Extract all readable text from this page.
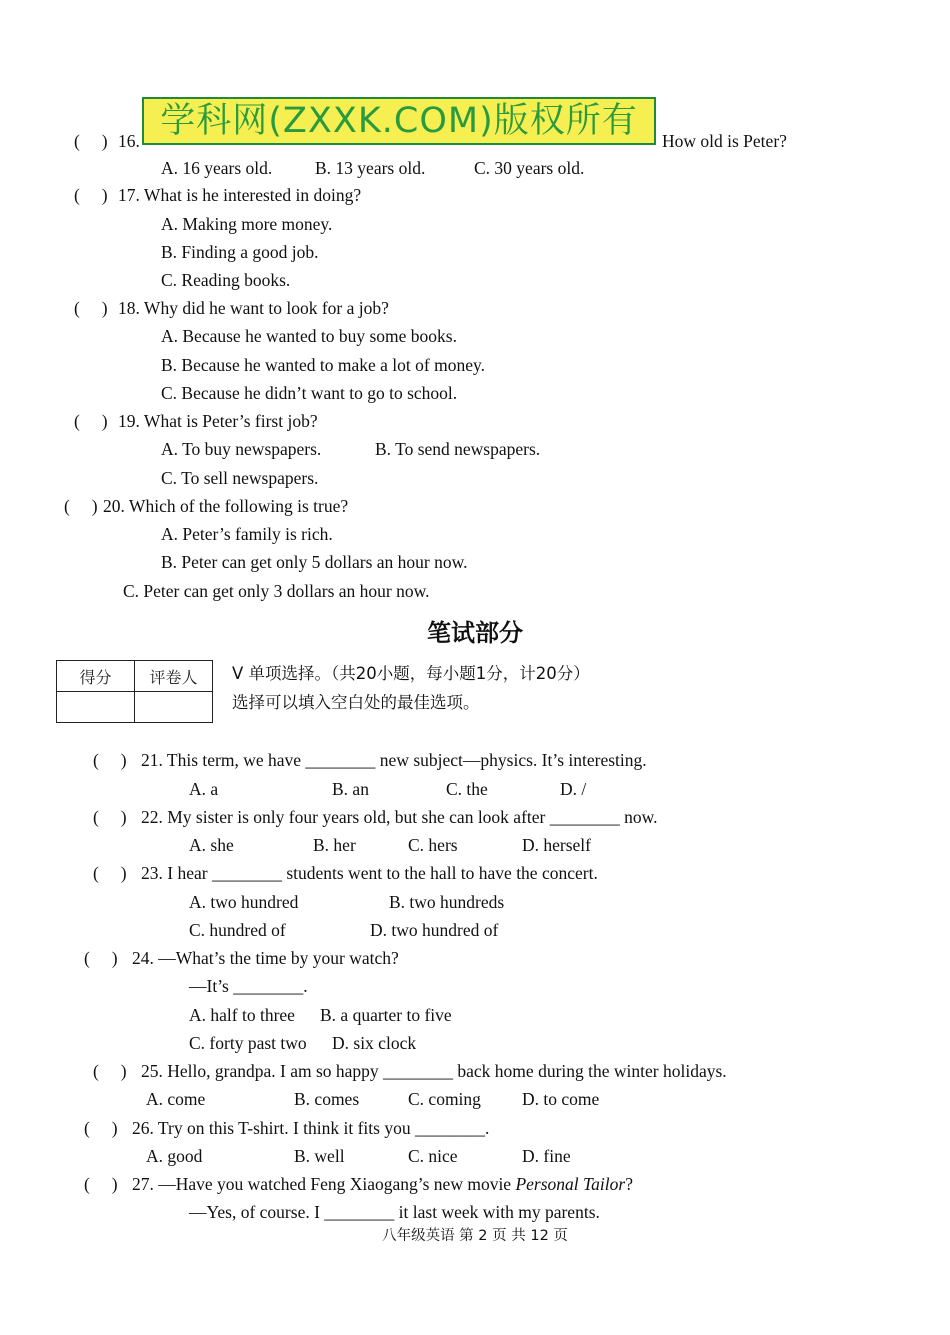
学科网(ZXXK.COM)版权所有
(　 ) 16.	How old is Peter?
A. 16 years old. B. 13 years old.	C. 30 years old.
(　 ) 17. What is he interested in doing?
A. Making more money.
B. Finding a good job.
C. Reading books.
(　 ) 18. Why did he want to look for a job?
A. Because he wanted to buy some books.
B. Because he wanted to make a lot of money.
C. Because he didn’t want to go to school.
(　 ) 19. What is Peter’s first job?
A. To buy newspapers.	B. To send newspapers.
C. To sell newspapers.
(　 ) 20. Which of the following is true?
A. Peter’s family is rich.
B. Peter can get only 5 dollars an hour now.
C. Peter can get only 3 dollars an hour now.
笔试部分
得分	评卷人
	Ⅴ 单项选择。（共20小题，每小题1分，计20分）
选择可以填入空白处的最佳选项。
(　 ) 21. This term, we have ________ new subject—physics. It’s interesting.
A. a	B. an	C. the	D. /
(　 ) 22. My sister is only four years old, but she can look after ________ now.
A. she	B. her	C. hers	D. herself
(　 ) 23. I hear ________ students went to the hall to have the concert.
A. two hundred	B. two hundreds
C. hundred of	D. two hundred of
(　 ) 24. —What’s the time by your watch?
—It’s ________.
A. half to three B. a quarter to five
C. forty past two D. six clock
(　 ) 25. Hello, grandpa. I am so happy ________ back home during the winter holidays.
A. come	B. comes	C. coming D. to come
(　 ) 26. Try on this T-shirt. I think it fits you ________.
A. good	B. well	C. nice	D. fine
(　 ) 27. —Have you watched Feng Xiaogang’s new movie Personal Tailor?
—Yes, of course. I ________ it last week with my parents.
八年级英语 第 2 页 共 12 页
